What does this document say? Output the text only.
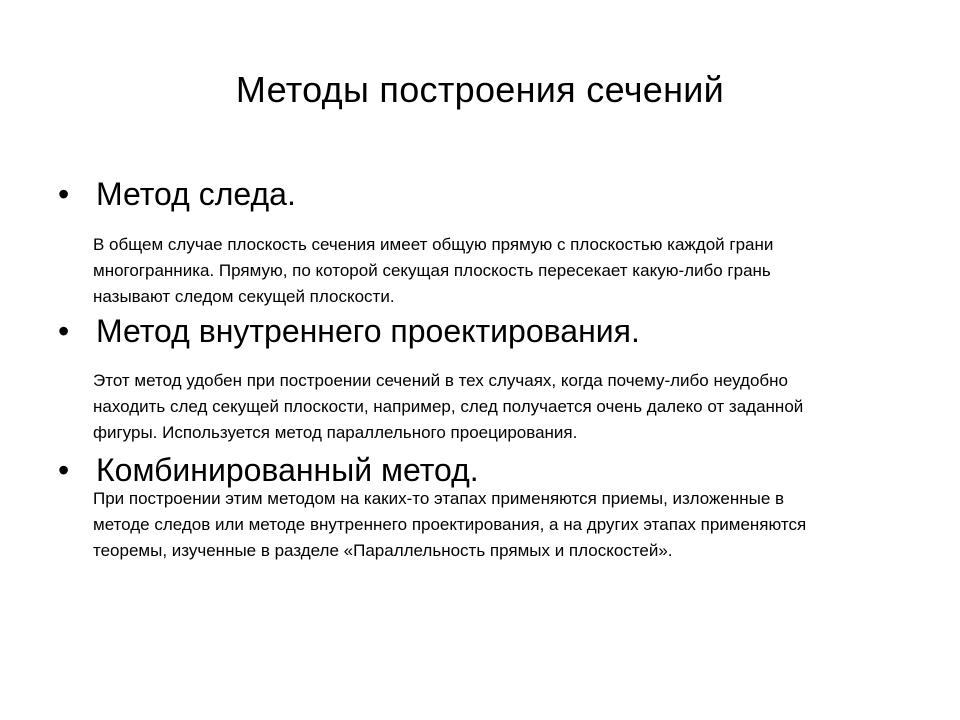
Методы построения сечений
• Метод следа.
В общем случае плоскость сечения имеет общую прямую с плоскостью каждой грани
многогранника. Прямую, по которой секущая плоскость пересекает какую-либо грань
называют следом секущей плоскости.
• Метод внутреннего проектирования.
Этот метод удобен при построении сечений в тех случаях, когда почему-либо неудобно
находить след секущей плоскости, например, след получается очень далеко от заданной
фигуры. Используется метод параллельного проецирования.
• Комбинированный метод.
При построении этим методом на каких-то этапах применяются приемы, изложенные в
методе следов или методе внутреннего проектирования, а на других этапах применяются
теоремы, изученные в разделе «Параллельность прямых и плоскостей».
